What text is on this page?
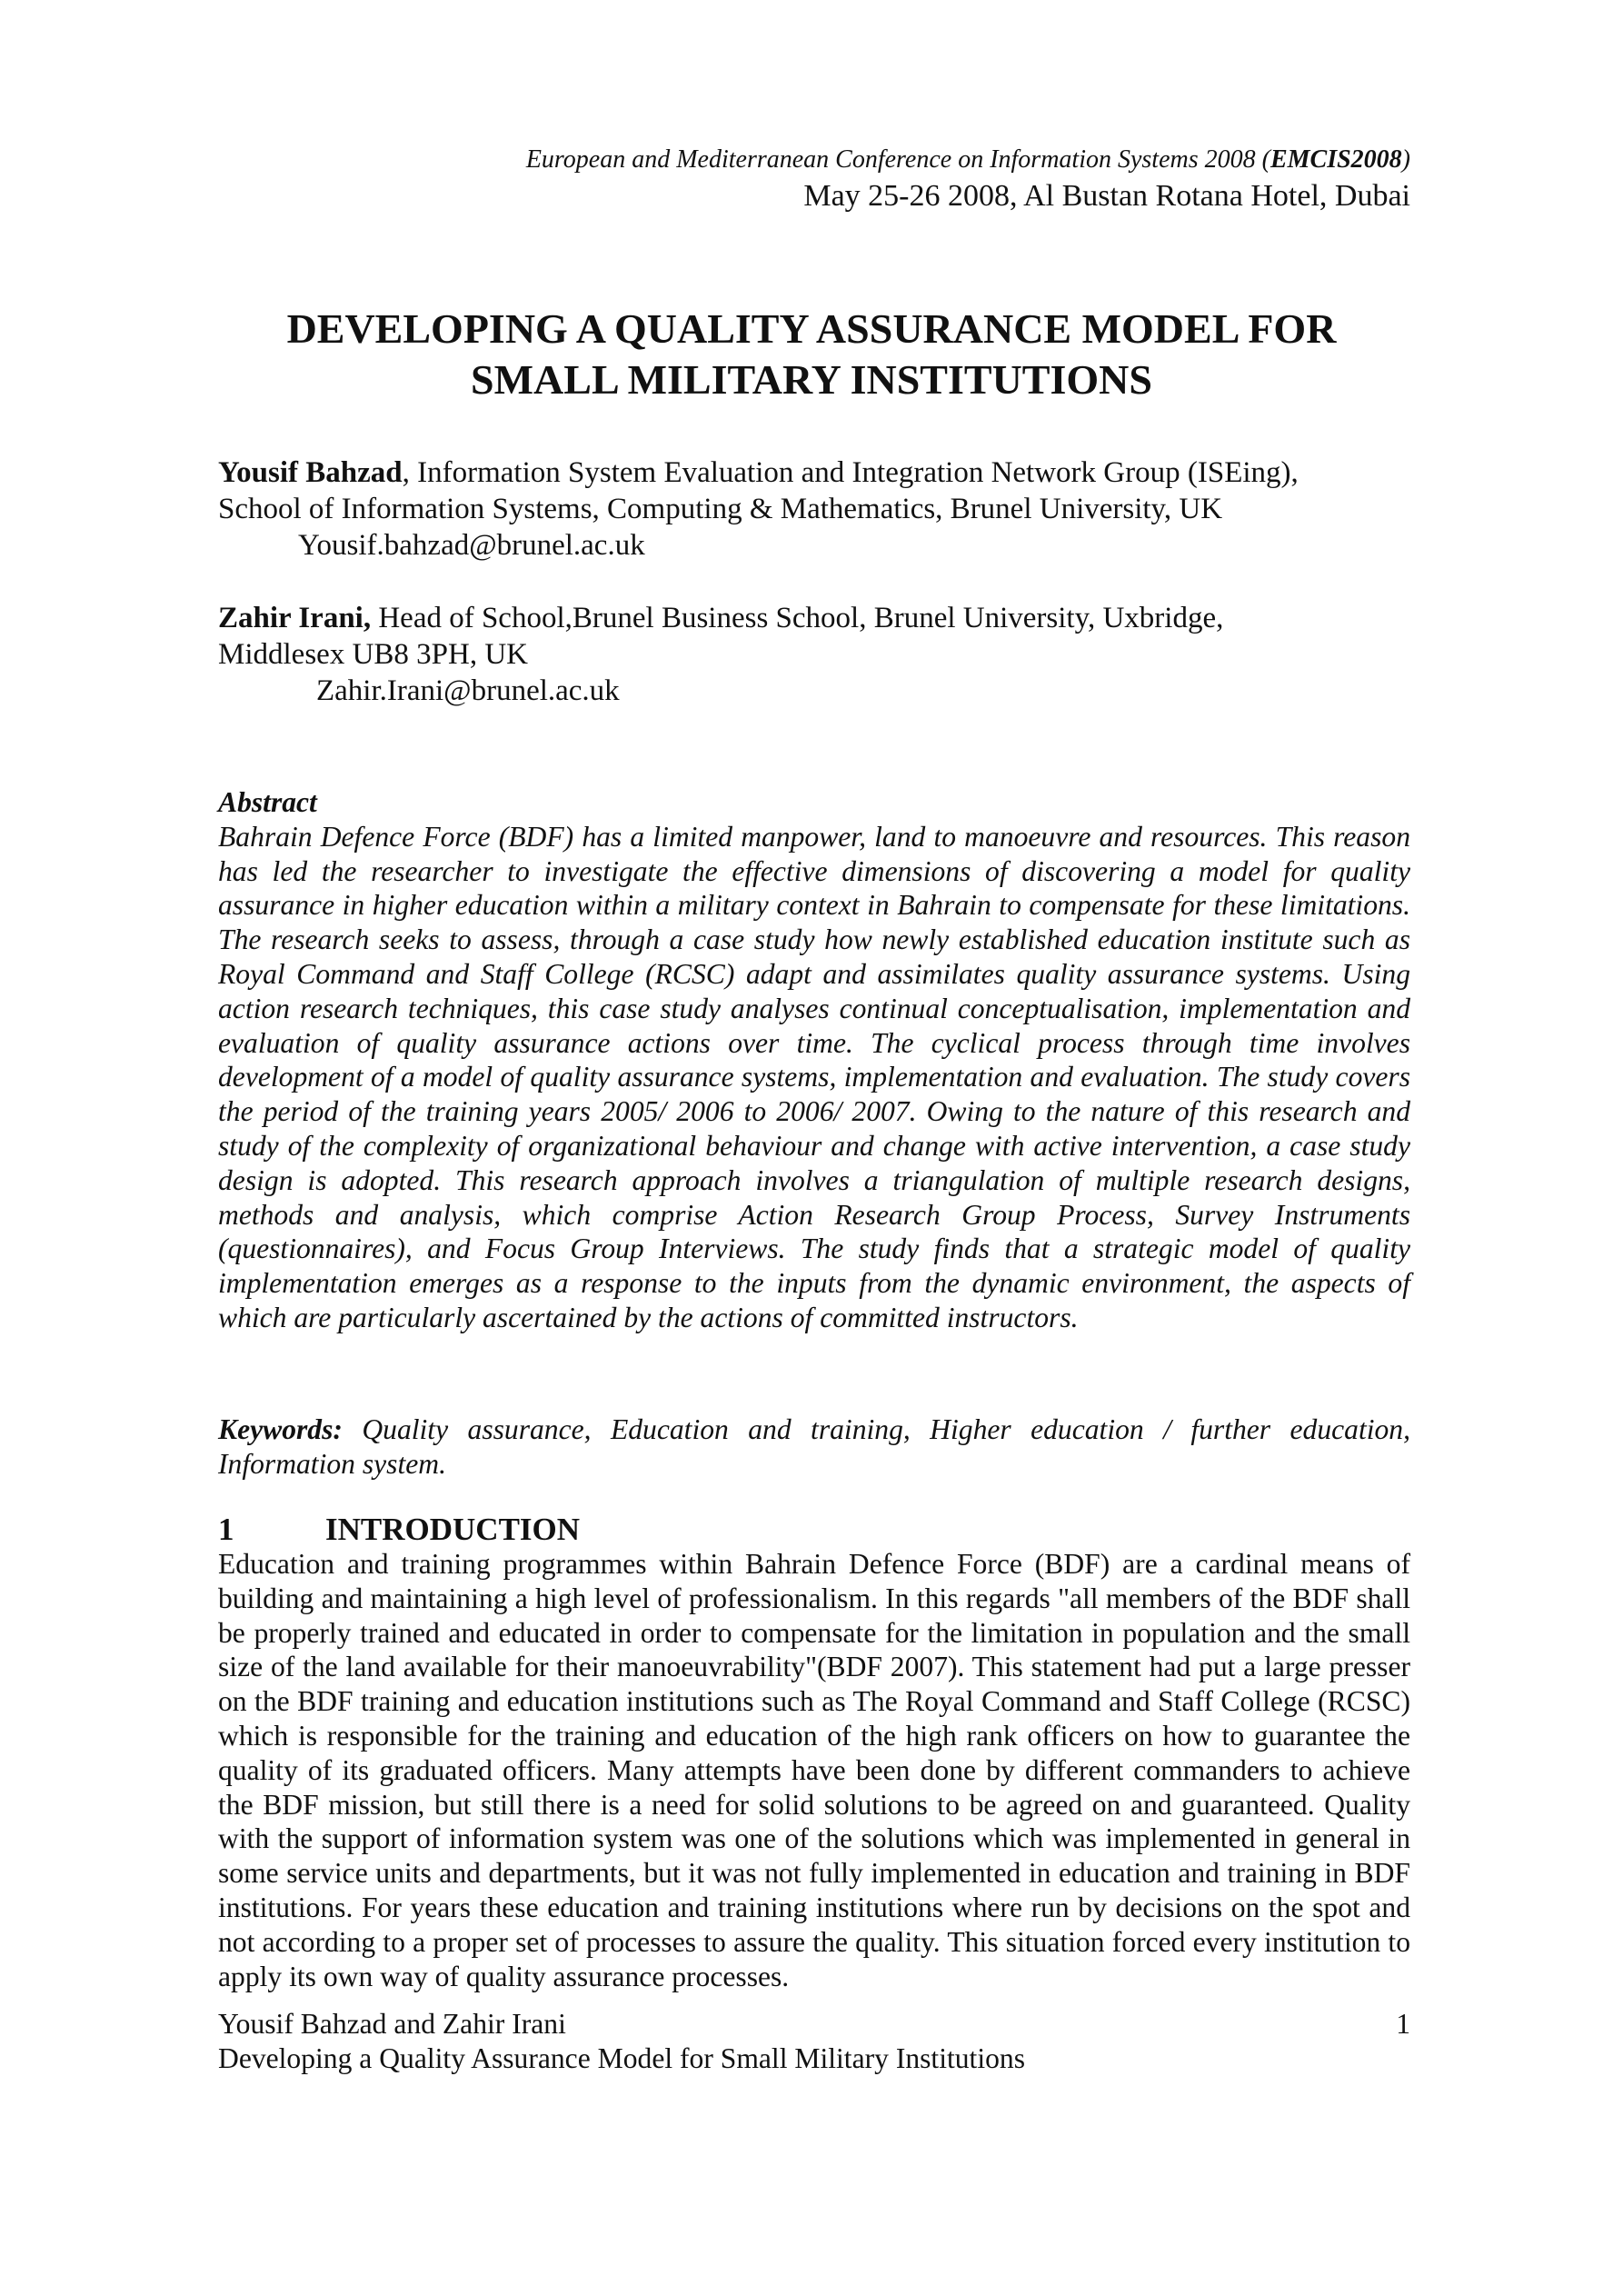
European and Mediterranean Conference on Information Systems 2008 (EMCIS2008)
May 25-26 2008, Al Bustan Rotana Hotel, Dubai
DEVELOPING A QUALITY ASSURANCE MODEL FOR
SMALL MILITARY INSTITUTIONS
Yousif Bahzad, Information System Evaluation and Integration Network Group (ISEing),
School of Information Systems, Computing & Mathematics, Brunel University, UK
Yousif.bahzad@brunel.ac.uk
Zahir Irani, Head of School,Brunel Business School, Brunel University, Uxbridge,
Middlesex UB8 3PH, UK
Zahir.Irani@brunel.ac.uk
Abstract
Bahrain Defence Force (BDF) has a limited manpower, land to manoeuvre and resources. This reason has led the researcher to investigate the effective dimensions of discovering a model for quality assurance in higher education within a military context in Bahrain to compensate for these limitations. The research seeks to assess, through a case study how newly established education institute such as Royal Command and Staff College (RCSC) adapt and assimilates quality assurance systems. Using action research techniques, this case study analyses continual conceptualisation, implementation and evaluation of quality assurance actions over time. The cyclical process through time involves development of a model of quality assurance systems, implementation and evaluation. The study covers the period of the training years 2005/ 2006 to 2006/ 2007. Owing to the nature of this research and study of the complexity of organizational behaviour and change with active intervention, a case study design is adopted. This research approach involves a triangulation of multiple research designs, methods and analysis, which comprise Action Research Group Process, Survey Instruments (questionnaires), and Focus Group Interviews. The study finds that a strategic model of quality implementation emerges as a response to the inputs from the dynamic environment, the aspects of which are particularly ascertained by the actions of committed instructors.
Keywords: Quality assurance, Education and training, Higher education / further education, Information system.
1	INTRODUCTION
Education and training programmes within Bahrain Defence Force (BDF) are a cardinal means of building and maintaining a high level of professionalism. In this regards "all members of the BDF shall be properly trained and educated in order to compensate for the limitation in population and the small size of the land available for their manoeuvrability"(BDF 2007). This statement had put a large presser on the BDF training and education institutions such as The Royal Command and Staff College (RCSC) which is responsible for the training and education of the high rank officers on how to guarantee the quality of its graduated officers. Many attempts have been done by different commanders to achieve the BDF mission, but still there is a need for solid solutions to be agreed on and guaranteed. Quality with the support of information system was one of the solutions which was implemented in general in some service units and departments, but it was not fully implemented in education and training in BDF institutions. For years these education and training institutions where run by decisions on the spot and not according to a proper set of processes to assure the quality. This situation forced every institution to apply its own way of quality assurance processes.
Yousif Bahzad and Zahir Irani
Developing a Quality Assurance Model for Small Military Institutions
1
